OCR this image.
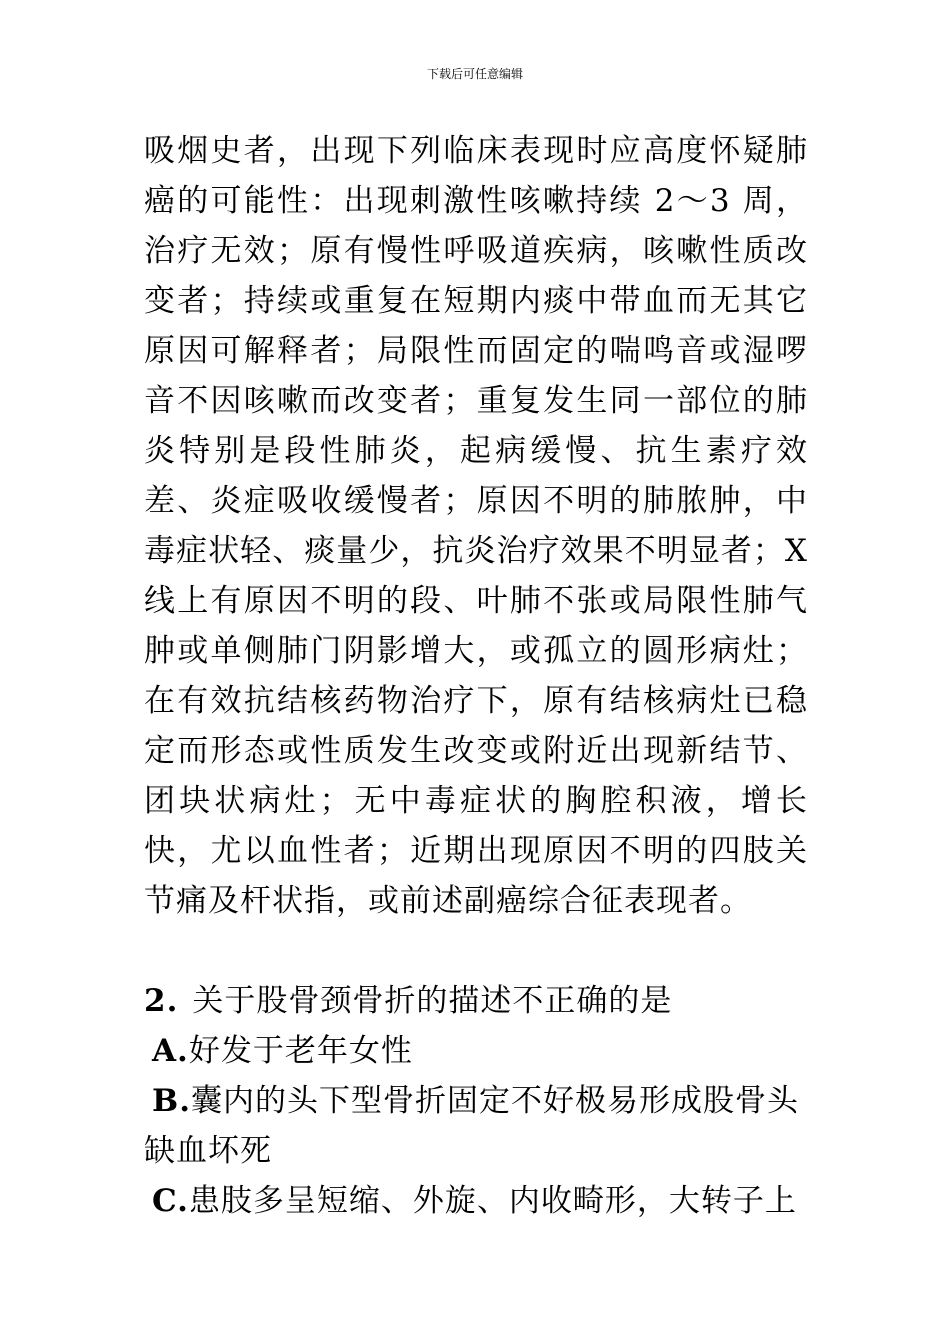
下载后可任意编辑

吸烟史者，出现下列临床表现时应高度怀疑肺癌的可能性：出现刺激性咳嗽持续 2～3 周，治疗无效；原有慢性呼吸道疾病，咳嗽性质改变者；持续或重复在短期内痰中带血而无其它原因可解释者；局限性而固定的喘鸣音或湿啰音不因咳嗽而改变者；重复发生同一部位的肺炎特别是段性肺炎，起病缓慢、抗生素疗效差、炎症吸收缓慢者；原因不明的肺脓肿，中毒症状轻、痰量少，抗炎治疗效果不明显者；X 线上有原因不明的段、叶肺不张或局限性肺气肿或单侧肺门阴影增大，或孤立的圆形病灶；在有效抗结核药物治疗下，原有结核病灶已稳定而形态或性质发生改变或附近出现新结节、团块状病灶；无中毒症状的胸腔积液，增长快，尤以血性者；近期出现原因不明的四肢关节痛及杆状指，或前述副癌综合征表现者。

2. 关于股骨颈骨折的描述不正确的是

A.好发于老年女性

B.囊内的头下型骨折固定不好极易形成股骨头缺血坏死

C.患肢多呈短缩、外旋、内收畸形，大转子上
